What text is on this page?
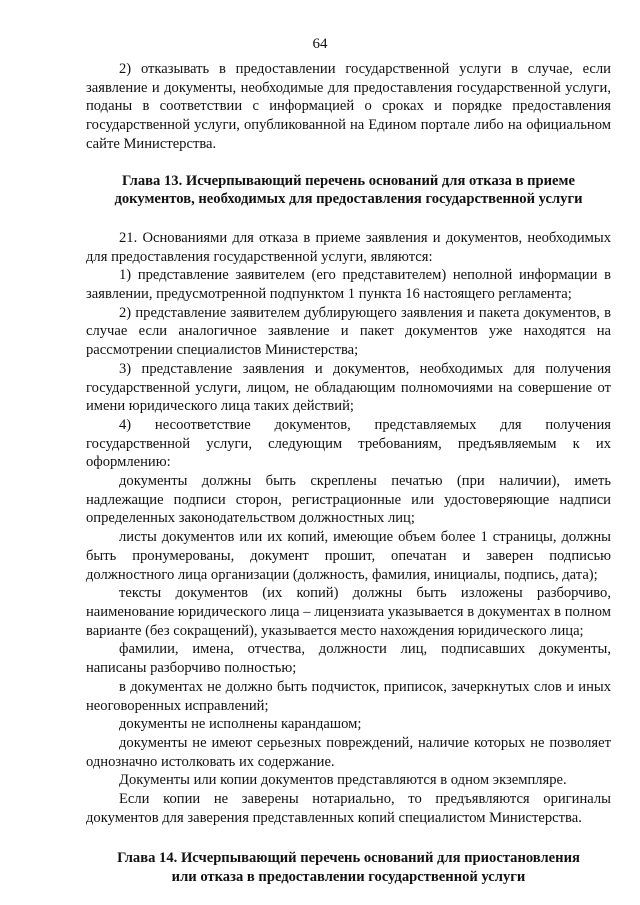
64

2) отказывать в предоставлении государственной услуги в случае, если заявление и документы, необходимые для предоставления государственной услуги, поданы в соответствии с информацией о сроках и порядке предоставления государственной услуги, опубликованной на Едином портале либо на официальном сайте Министерства.

Глава 13. Исчерпывающий перечень оснований для отказа в приеме

документов, необходимых для предоставления государственной услуги

21. Основаниями для отказа в приеме заявления и документов, необходимых для предоставления государственной услуги, являются:

1) представление заявителем (его представителем) неполной информации в заявлении, предусмотренной подпунктом 1 пункта 16 настоящего регламента;

2) представление заявителем дублирующего заявления и пакета документов, в случае если аналогичное заявление и пакет документов уже находятся на рассмотрении специалистов Министерства;

3) представление заявления и документов, необходимых для получения государственной услуги, лицом, не обладающим полномочиями на совершение от имени юридического лица таких действий;

4) несоответствие документов, представляемых для получения государственной услуги, следующим требованиям, предъявляемым к их оформлению:

документы должны быть скреплены печатью (при наличии), иметь надлежащие подписи сторон, регистрационные или удостоверяющие надписи определенных законодательством должностных лиц;

листы документов или их копий, имеющие объем более 1 страницы, должны быть пронумерованы, документ прошит, опечатан и заверен подписью должностного лица организации (должность, фамилия, инициалы, подпись, дата);

тексты документов (их копий) должны быть изложены разборчиво, наименование юридического лица – лицензиата указывается в документах в полном варианте (без сокращений), указывается место нахождения юридического лица;

фамилии, имена, отчества, должности лиц, подписавших документы, написаны разборчиво полностью;

в документах не должно быть подчисток, приписок, зачеркнутых слов и иных неоговоренных исправлений;

документы не исполнены карандашом;

документы не имеют серьезных повреждений, наличие которых не позволяет однозначно истолковать их содержание.

Документы или копии документов представляются в одном экземпляре.

Если копии не заверены нотариально, то предъявляются оригиналы документов для заверения представленных копий специалистом Министерства.

Глава 14. Исчерпывающий перечень оснований для приостановления

или отказа в предоставлении государственной услуги
